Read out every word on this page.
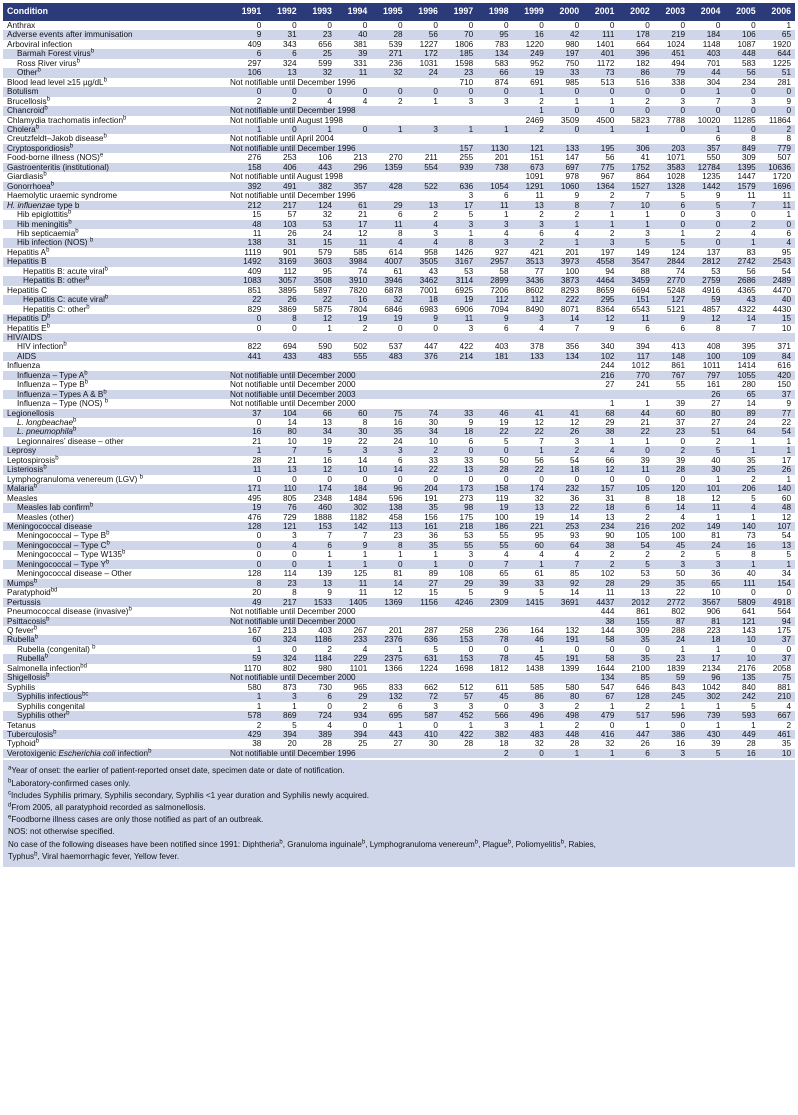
Condition	1991	1992	1993	1994	1995	1996	1997	1998	1999	2000	2001	2002	2003	2004	2005	2006
Anthrax	0	0	0	0	0	0	0	0	0	0	0	0	0	0	0	1
Adverse events after immunisation	9	31	23	40	28	56	70	95	16	42	111	178	219	184	106	65
Arboviral infection	409	343	656	381	539	1227	1806	783	1220	980	1401	664	1024	1148	1087	1920
Barmah Forest virus$^b$	6	6	25	39	271	172	185	134	249	197	401	396	451	403	448	644
Ross River virus$^b$	297	324	599	331	236	1031	1598	583	952	750	1172	182	494	701	583	1225
Other$^b$	106	13	32	11	32	24	23	66	19	33	73	86	79	44	56	51
Blood lead level ≥15 $\mu g/dL^b$	Not notifiable until December 1996						710	874	691	985	513	516	338	304	234	281
Botulism	0	0	0	0	0	0	0	0	1	0	0	0	0	1	0	0
Brucellosis$^b$	2	2	4	4	2	1	3	3	2	1	1	2	3	7	3	9
Chancroid$^b$	Not notifiable until December 1998								1	0	0	0	0	0	0	0
Chlamydia trachomatis infection$^b$	Not notifiable until August 1998								2469	3509	4500	5823	7788	10020	11285	11864
Cholera$^b$	1	0	1	0	1	3	1	1	2	0	1	1	0	1	0	2
Creutzfeldt–Jakob disease$^b$	Not notifiable until April 2004													6	8	8
Cryptosporidiosis$^b$	Not notifiable until December 1996						157	1130	121	133	195	306	203	357	849	779
Food-borne illness (NOS)$^e$	276	253	106	213	270	211	255	201	151	147	56	41	1071	550	309	507
Gastroenteritis (institutional)	158	406	443	296	1359	554	939	738	673	697	775	1752	3583	12784	1395	10636
Giardiasis$^b$	Not notifiable until August 1998								1091	978	967	864	1028	1235	1447	1720
Gonorrhoea$^b$	392	491	382	357	428	522	636	1054	1291	1060	1364	1527	1328	1442	1579	1696
Haemolytic uraemic syndrome	Not notifiable until December 1996						3	6	11	9	2	7	5	9	11	11
H. influenzae type b	212	217	124	61	29	13	17	11	13	8	7	10	6	5	7	11
Hib epiglottitis$^b$	15	57	32	21	6	2	5	1	2	2	1	1	0	3	0	1
Hib meningitis$^b$	48	103	53	17	11	4	3	3	3	1	1	1	0	0	2	0
Hib septicaemia$^b$	11	26	24	12	8	3	1	4	6	4	2	3	1	2	4	6
Hib infection (NOS) $^b$	138	31	15	11	4	4	8	3	2	1	3	5	5	0	1	4
Hepatitis $A^b$	1119	901	579	585	614	958	1426	927	421	201	197	149	124	137	83	95
Hepatitis B	1492	3169	3603	3984	4007	3505	3167	2957	3513	3973	4558	3547	2844	2812	2742	2543
Hepatitis B: acute viral$^b$	409	112	95	74	61	43	53	58	77	100	94	88	74	53	56	54
Hepatitis B: other$^b$	1083	3057	3508	3910	3946	3462	3114	2899	3436	3873	4464	3459	2770	2759	2686	2489
Hepatitis C	851	3895	5897	7820	6878	7001	6925	7206	8602	8293	8659	6694	5248	4916	4365	4470
Hepatitis C: acute viral$^b$	22	26	22	16	32	18	19	112	112	222	295	151	127	59	43	40
Hepatitis C: other$^b$	829	3869	5875	7804	6846	6983	6906	7094	8490	8071	8364	6543	5121	4857	4322	4430
Hepatitis $D^b$	0	8	12	19	19	9	11	9	3	14	12	11	9	12	14	15
Hepatitis $E^b$	0	0	1	2	0	0	3	6	4	7	9	6	6	8	7	10
HIV/AIDS																
HIV infection$^b$	822	694	590	502	537	447	422	403	378	356	340	394	413	408	395	371
AIDS	441	433	483	555	483	376	214	181	133	134	102	117	148	100	109	84
Influenza											244	1012	861	1011	1414	616
Influenza – Type $A^b$	Not notifiable until December 2000										216	770	767	797	1055	420
Influenza – Type $B^b$	Not notifiable until December 2000										27	241	55	161	280	150
Influenza – Types A & $B^b$	Not notifiable until December 2003													26	65	37
Influenza – Type (NOS) $^b$	Not notifiable until December 2000										1	1	39	27	14	9
Legionellosis	37	104	66	60	75	74	33	46	41	41	68	44	60	80	89	77
L. longbeachae$^b$	0	14	13	8	16	30	9	19	12	12	29	21	37	27	24	22
L. pneumophila$^b$	16	80	34	30	35	34	18	22	22	26	38	22	23	51	64	54
Legionnaires’ disease – other	21	10	19	22	24	10	6	5	7	3	1	1	0	2	1	1
Leprosy	1	7	5	3	3	2	0	0	1	2	4	0	2	5	1	1
Leptospirosis$^b$	28	21	16	14	6	33	33	50	56	54	66	39	39	40	35	17
Listeriosis$^b$	11	13	12	10	14	22	13	28	22	18	12	11	28	30	25	26
Lymphogranuloma venereum (LGV) $^b$	0	0	0	0	0	0	0	0	0	0	0	0	0	1	2	1
Malaria$^b$	171	110	174	184	96	204	173	158	174	232	157	105	120	101	206	140
Measles	495	805	2348	1484	596	191	273	119	32	36	31	8	18	12	5	60
Measles lab confirm$^b$	19	76	460	302	138	35	98	19	13	22	18	6	14	11	4	48
Measles (other)	476	729	1888	1182	458	156	175	100	19	14	13	2	4	1	1	12
Meningococcal disease	128	121	153	142	113	161	218	186	221	253	234	216	202	149	140	107
Meningococcal – Type $B^b$	0	3	7	7	23	36	53	55	95	93	90	105	100	81	73	54
Meningococcal – Type $C^b$	0	4	6	9	8	35	55	55	60	64	38	54	45	24	16	13
Meningococcal – Type W135$^b$	0	0	1	1	1	1	3	4	4	4	2	2	2	5	8	5
Meningococcal – Type $Y^b$	0	0	1	1	0	1	0	7	1	7	2	5	3	3	1	1
Meningococcal disease – Other	128	114	139	125	81	89	108	65	61	85	102	53	50	36	40	34
Mumps$^b$	8	23	13	11	14	27	29	39	33	92	28	29	35	65	111	154
Paratyphoid$^{bd}$	20	8	9	11	12	15	5	9	5	14	11	13	22	10	0	0
Pertussis	49	217	1533	1405	1369	1156	4246	2309	1415	3691	4437	2012	2772	3567	5809	4918
Pneumococcal disease (invasive)$^b$	Not notifiable until December 2000										444	861	802	906	641	564
Psittacosis$^b$	Not notifiable until December 2000										38	155	87	81	121	94
Q fever$^b$	167	213	403	267	201	287	258	236	164	132	144	309	288	223	143	175
Rubella$^b$	60	324	1186	233	2376	636	153	78	46	191	58	35	24	18	10	37
Rubella (congenital) $^b$	1	0	2	4	1	5	0	0	1	0	0	0	1	1	0	0
Rubella$^b$	59	324	1184	229	2375	631	153	78	45	191	58	35	23	17	10	37
Salmonella infection$^{bd}$	1170	802	980	1101	1366	1224	1698	1812	1438	1399	1644	2100	1839	2134	2176	2058
Shigellosis$^b$	Not notifiable until December 2000										134	85	59	96	135	75
Syphilis	580	873	730	965	833	662	512	611	585	580	547	646	843	1042	840	881
Syphilis infectious$^{bc}$	1	3	6	29	132	72	57	45	86	80	67	128	245	302	242	210
Syphilis congenital	1	1	0	2	6	3	3	0	3	2	1	2	1	1	5	4
Syphilis other$^b$	578	869	724	934	695	587	452	566	496	498	479	517	596	739	593	667
Tetanus	2	5	4	0	1	0	1	3	1	2	0	1	0	1	1	2
Tuberculosis$^b$	429	394	389	394	443	410	422	382	483	448	416	447	386	430	449	461
Typhoid$^b$	38	20	28	25	27	30	28	18	32	28	32	26	16	39	28	35
Verotoxigenic Escherichia coli infection$^b$	Not notifiable until December 1996							2	0	1	1	6	3	5	16	10
$^a$Year of onset: the earlier of patient-reported onset date, specimen date or date of notification.
$^b$Laboratory-confirmed cases only.
$^c$Includes Syphilis primary, Syphilis secondary, Syphilis <1 year duration and Syphilis newly acquired.
$^d$From 2005, all paratyphoid recorded as salmonellosis.
$^e$Foodborne illness cases are only those notified as part of an outbreak.
NOS: not otherwise specified.
No case of the following diseases have been notified since 1991: Diphtheria$^b$, Granuloma inguinale$^b$, Lymphogranuloma venereum$^b$, Plague$^b$, Poliomyelitis$^b$, Rabies,
Typhus$^b$, Viral haemorrhagic fever, Yellow fever.
